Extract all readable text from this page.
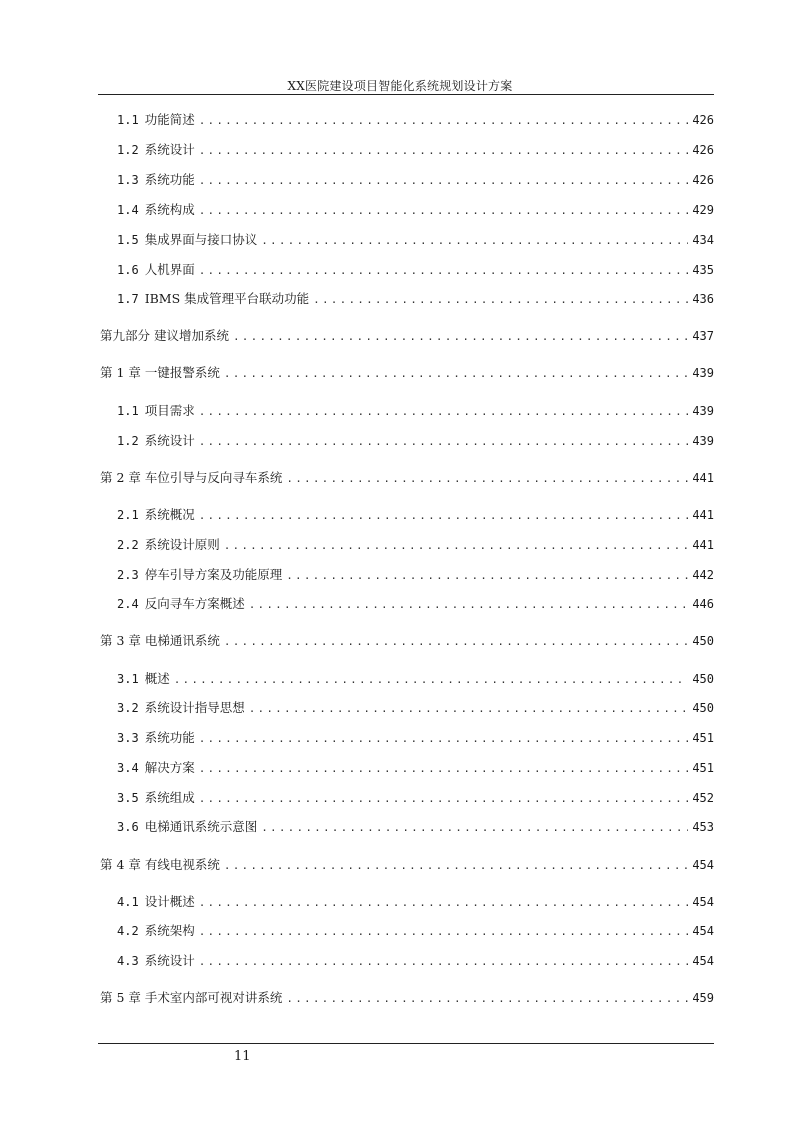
XX医院建设项目智能化系统规划设计方案
1.1 功能简述 .....	426
1.2 系统设计 .....	426
1.3 系统功能 .....	426
1.4 系统构成 .....	429
1.5 集成界面与接口协议 .....	434
1.6 人机界面 .....	435
1.7 IBMS 集成管理平台联动功能 .....	436
第九部分 建议增加系统 .....	437
第 1 章 一键报警系统 .....	439
1.1 项目需求 .....	439
1.2 系统设计 .....	439
第 2 章 车位引导与反向寻车系统 .....	441
2.1 系统概况 .....	441
2.2 系统设计原则 .....	441
2.3 停车引导方案及功能原理 .....	442
2.4 反向寻车方案概述 .....	446
第 3 章 电梯通讯系统 .....	450
3.1 概述 .....	450
3.2 系统设计指导思想 .....	450
3.3 系统功能 .....	451
3.4 解决方案 .....	451
3.5 系统组成 .....	452
3.6 电梯通讯系统示意图 .....	453
第 4 章 有线电视系统 .....	454
4.1 设计概述 .....	454
4.2 系统架构 .....	454
4.3 系统设计 .....	454
第 5 章 手术室内部可视对讲系统 .....	459
11
